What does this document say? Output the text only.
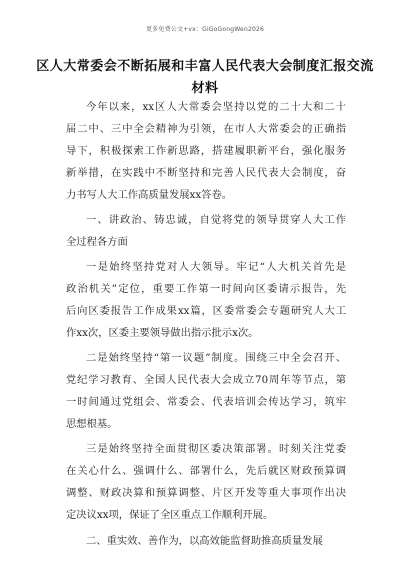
更多免费公文+vx：GiGoGongWen2026
区人大常委会不断拓展和丰富人民代表大会制度汇报交流
材料
今年以来，xx区人大常委会坚持以党的二十大和二十
届二中、三中全会精神为引领，在市人大常委会的正确指
导下，积极探索工作新思路，搭建履职新平台，强化服务
新举措，在实践中不断坚持和完善人民代表大会制度，奋
力书写人大工作高质量发展xx答卷。
一、讲政治、铸忠诚，自觉将党的领导贯穿人大工作
全过程各方面
一是始终坚持党对人大领导。牢记“人大机关首先是
政治机关”定位，重要工作第一时间向区委请示报告，先
后向区委报告工作成果xx篇，区委常委会专题研究人大工
作xx次，区委主要领导做出指示批示x次。
二是始终坚持“第一议题”制度。围绕三中全会召开、
党纪学习教育、全国人民代表大会成立70周年等节点，第
一时间通过党组会、常委会、代表培训会传达学习，筑牢
思想根基。
三是始终坚持全面贯彻区委决策部署。时刻关注党委
在关心什么、强调什么、部署什么，先后就区财政预算调
调整、财政决算和预算调整、片区开发等重大事项作出决
定决议xx项，保证了全区重点工作顺利开展。
二、重实效、善作为，以高效能监督助推高质量发展
